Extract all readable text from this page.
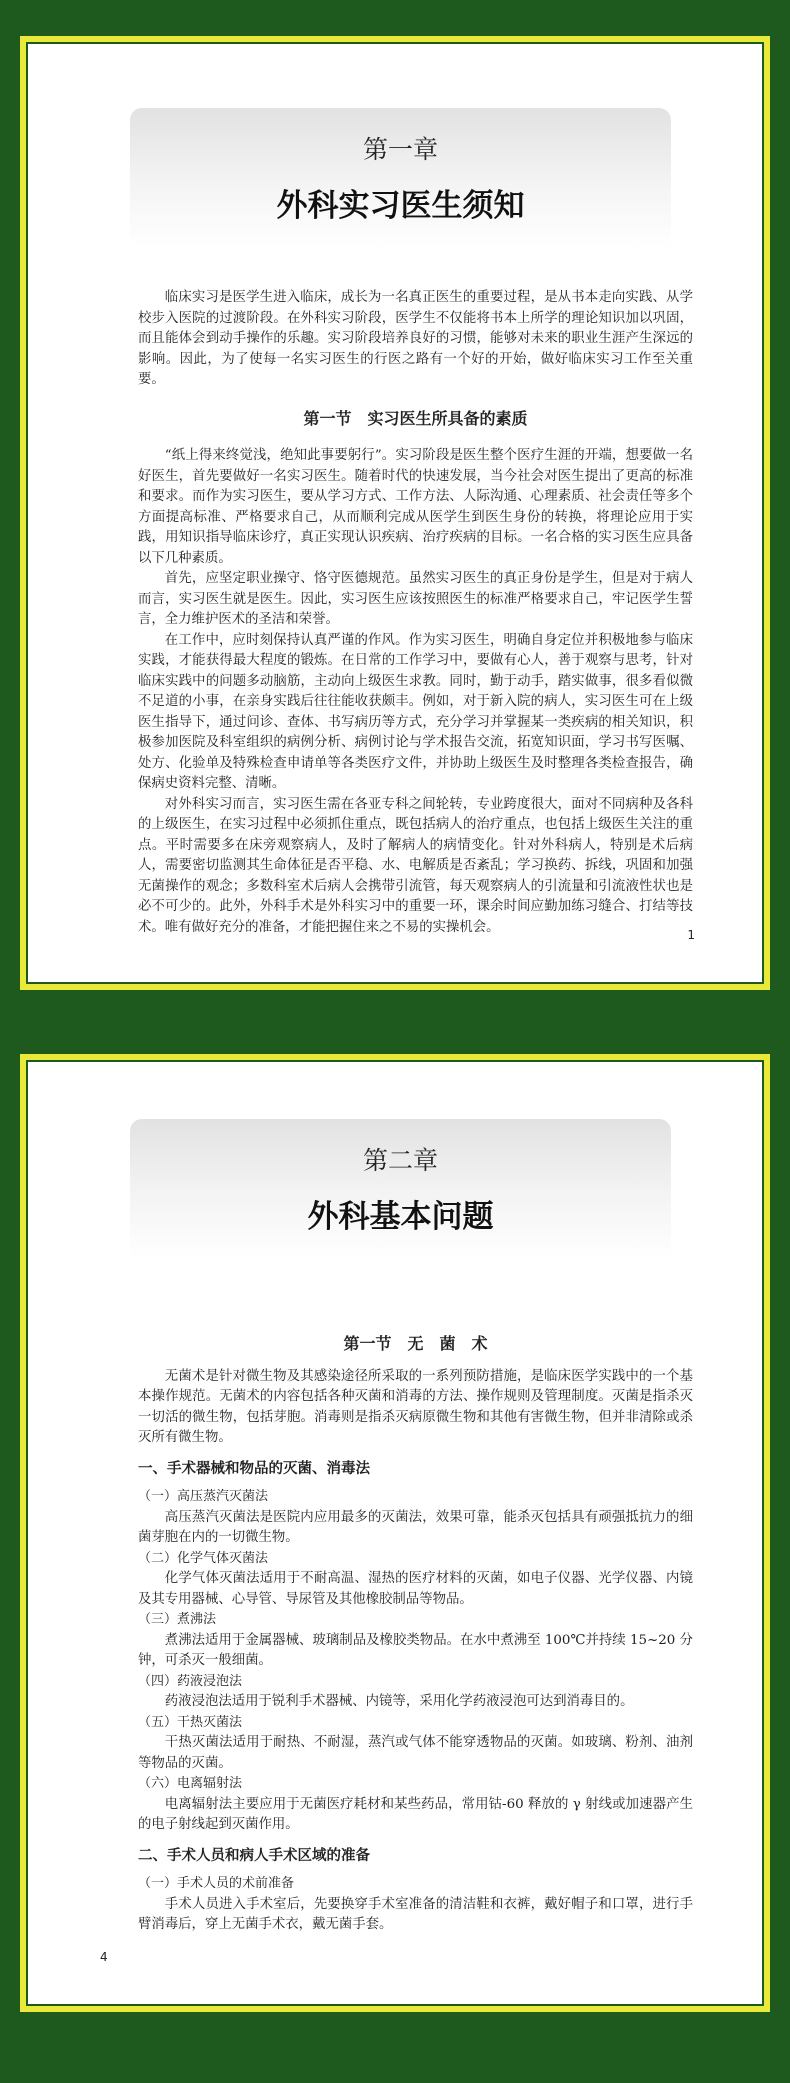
第一章
外科实习医生须知

临床实习是医学生进入临床，成长为一名真正医生的重要过程，是从书本走向实践、从学校步入医院的过渡阶段。在外科实习阶段，医学生不仅能将书本上所学的理论知识加以巩固，而且能体会到动手操作的乐趣。实习阶段培养良好的习惯，能够对未来的职业生涯产生深远的影响。因此，为了使每一名实习医生的行医之路有一个好的开始，做好临床实习工作至关重要。

第一节　实习医生所具备的素质

“纸上得来终觉浅，绝知此事要躬行”。实习阶段是医生整个医疗生涯的开端，想要做一名好医生，首先要做好一名实习医生。随着时代的快速发展，当今社会对医生提出了更高的标准和要求。而作为实习医生，要从学习方式、工作方法、人际沟通、心理素质、社会责任等多个方面提高标准、严格要求自己，从而顺利完成从医学生到医生身份的转换，将理论应用于实践，用知识指导临床诊疗，真正实现认识疾病、治疗疾病的目标。一名合格的实习医生应具备以下几种素质。

首先，应坚定职业操守、恪守医德规范。虽然实习医生的真正身份是学生，但是对于病人而言，实习医生就是医生。因此，实习医生应该按照医生的标准严格要求自己，牢记医学生誓言，全力维护医术的圣洁和荣誉。

在工作中，应时刻保持认真严谨的作风。作为实习医生，明确自身定位并积极地参与临床实践，才能获得最大程度的锻炼。在日常的工作学习中，要做有心人，善于观察与思考，针对临床实践中的问题多动脑筋，主动向上级医生求教。同时，勤于动手，踏实做事，很多看似微不足道的小事，在亲身实践后往往能收获颇丰。例如，对于新入院的病人，实习医生可在上级医生指导下，通过问诊、查体、书写病历等方式，充分学习并掌握某一类疾病的相关知识，积极参加医院及科室组织的病例分析、病例讨论与学术报告交流，拓宽知识面，学习书写医嘱、处方、化验单及特殊检查申请单等各类医疗文件，并协助上级医生及时整理各类检查报告，确保病史资料完整、清晰。

对外科实习而言，实习医生需在各亚专科之间轮转，专业跨度很大，面对不同病种及各科的上级医生，在实习过程中必须抓住重点，既包括病人的治疗重点，也包括上级医生关注的重点。平时需要多在床旁观察病人，及时了解病人的病情变化。针对外科病人，特别是术后病人，需要密切监测其生命体征是否平稳、水、电解质是否紊乱；学习换药、拆线，巩固和加强无菌操作的观念；多数科室术后病人会携带引流管，每天观察病人的引流量和引流液性状也是必不可少的。此外，外科手术是外科实习中的重要一环，课余时间应勤加练习缝合、打结等技术。唯有做好充分的准备，才能把握住来之不易的实操机会。

1
第二章
外科基本问题
第一节　无　菌　术

无菌术是针对微生物及其感染途径所采取的一系列预防措施，是临床医学实践中的一个基本操作规范。无菌术的内容包括各种灭菌和消毒的方法、操作规则及管理制度。灭菌是指杀灭一切活的微生物，包括芽胞。消毒则是指杀灭病原微生物和其他有害微生物，但并非清除或杀灭所有微生物。

一、手术器械和物品的灭菌、消毒法
（一）高压蒸汽灭菌法

高压蒸汽灭菌法是医院内应用最多的灭菌法，效果可靠，能杀灭包括具有顽强抵抗力的细菌芽胞在内的一切微生物。

（二）化学气体灭菌法

化学气体灭菌法适用于不耐高温、湿热的医疗材料的灭菌，如电子仪器、光学仪器、内镜及其专用器械、心导管、导尿管及其他橡胶制品等物品。

（三）煮沸法

煮沸法适用于金属器械、玻璃制品及橡胶类物品。在水中煮沸至 100℃并持续 15~20 分钟，可杀灭一般细菌。

（四）药液浸泡法

药液浸泡法适用于锐利手术器械、内镜等，采用化学药液浸泡可达到消毒目的。

（五）干热灭菌法

干热灭菌法适用于耐热、不耐湿，蒸汽或气体不能穿透物品的灭菌。如玻璃、粉剂、油剂等物品的灭菌。

（六）电离辐射法

电离辐射法主要应用于无菌医疗耗材和某些药品，常用钴-60 释放的 γ 射线或加速器产生的电子射线起到灭菌作用。

二、手术人员和病人手术区域的准备
（一）手术人员的术前准备

手术人员进入手术室后，先要换穿手术室准备的清洁鞋和衣裤，戴好帽子和口罩，进行手臂消毒后，穿上无菌手术衣，戴无菌手套。

4
